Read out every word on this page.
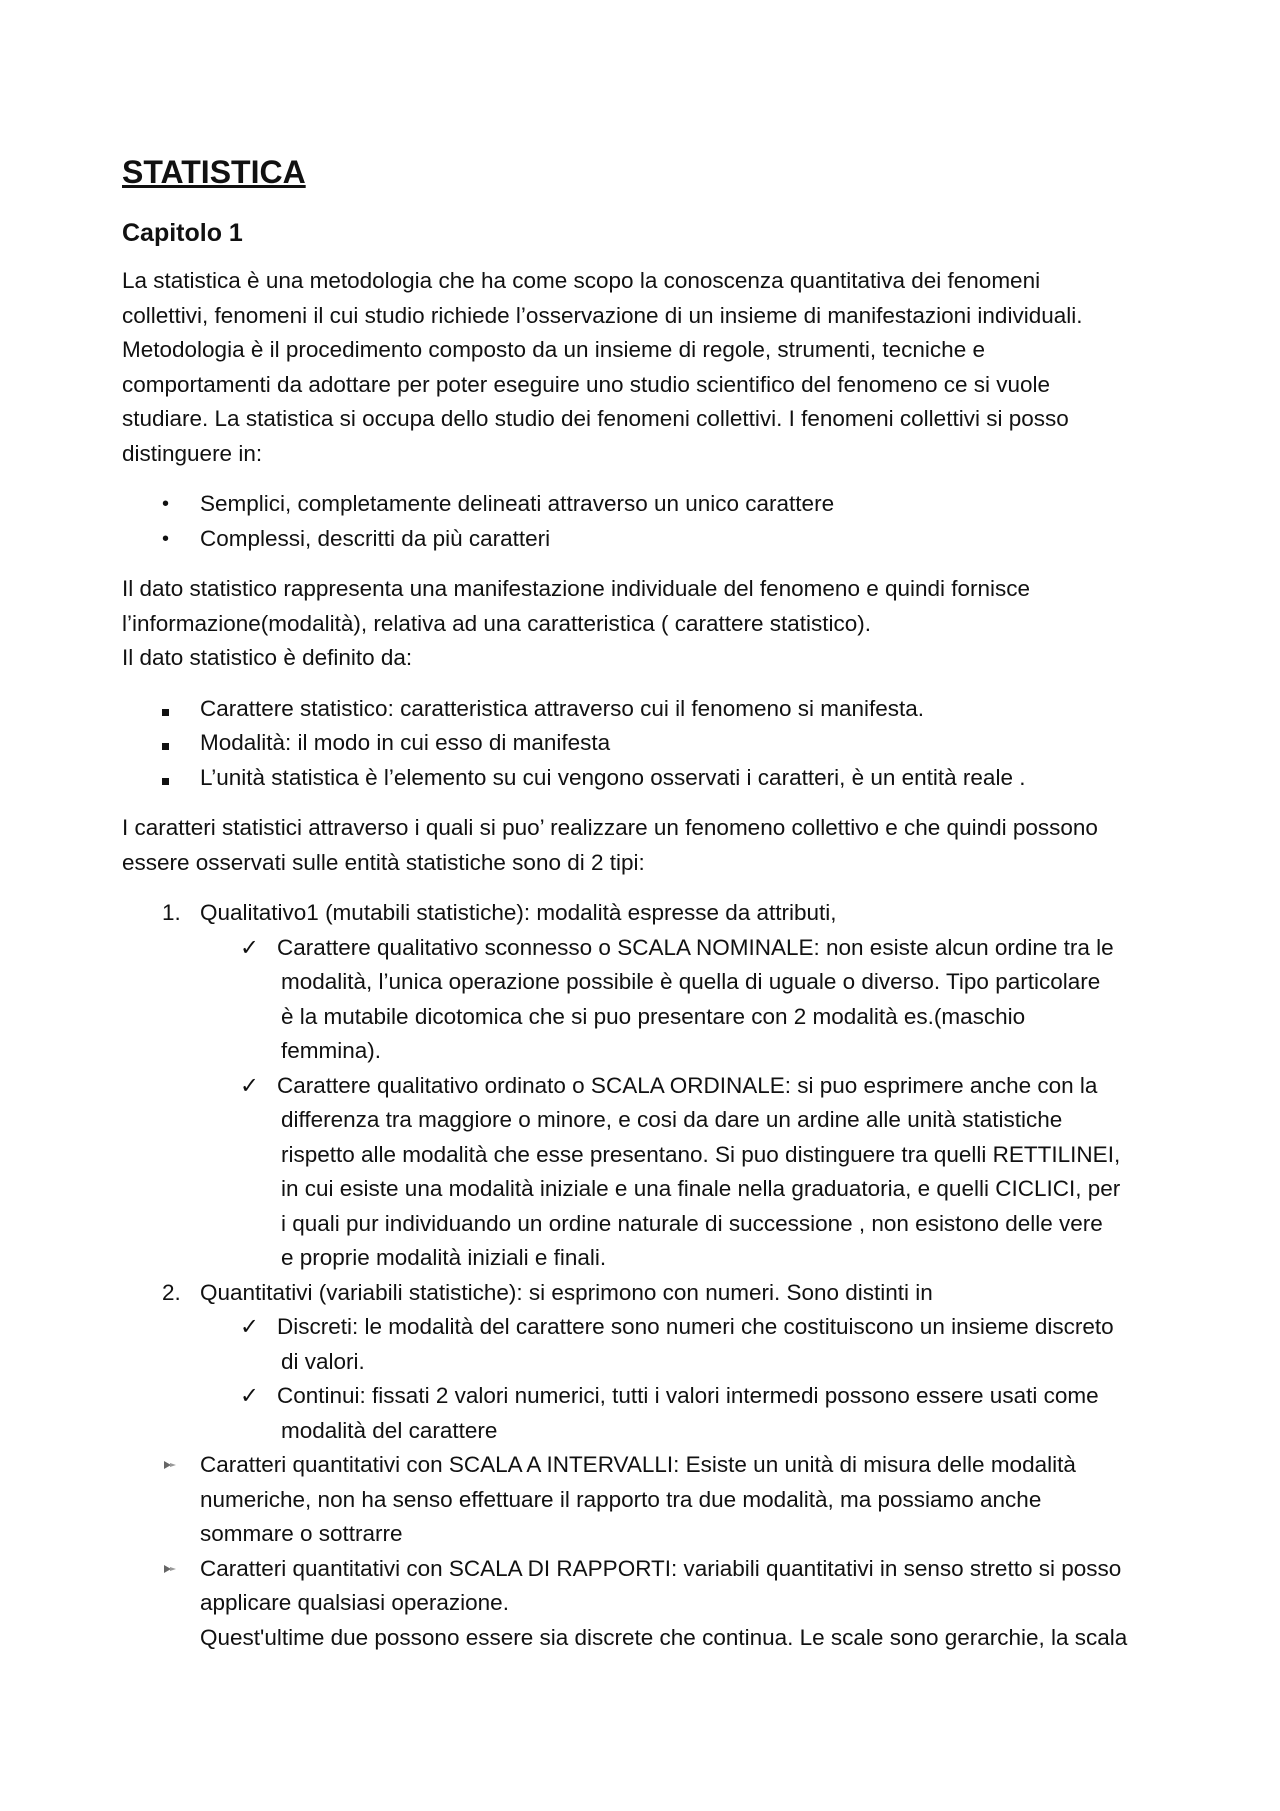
STATISTICA
Capitolo 1

La statistica è una metodologia che ha come scopo la conoscenza quantitativa dei fenomeni
collettivi, fenomeni il cui studio richiede l’osservazione di un insieme di manifestazioni individuali.
Metodologia è il procedimento composto da un insieme di regole, strumenti, tecniche e
comportamenti da adottare per poter eseguire uno studio scientifico del fenomeno ce si vuole
studiare. La statistica si occupa dello studio dei fenomeni collettivi. I fenomeni collettivi si posso
distinguere in:

•	Semplici, completamente delineati attraverso un unico carattere
•	Complessi, descritti da più caratteri

Il dato statistico rappresenta una manifestazione individuale del fenomeno e quindi fornisce
l’informazione(modalità), relativa ad una caratteristica ( carattere statistico).
Il dato statistico è definito da:

Carattere statistico: caratteristica attraverso cui il fenomeno si manifesta.
Modalità: il modo in cui esso di manifesta
L’unità statistica è l’elemento su cui vengono osservati i caratteri, è un entità reale .

I caratteri statistici attraverso i quali si puo’ realizzare un fenomeno collettivo e che quindi possono
essere osservati sulle entità statistiche sono di 2 tipi:

1. Qualitativo1 (mutabili statistiche): modalità espresse da attributi,
✓ Carattere qualitativo sconnesso o SCALA NOMINALE: non esiste alcun ordine tra le
modalità, l’unica operazione possibile è quella di uguale o diverso. Tipo particolare
è la mutabile dicotomica che si puo presentare con 2 modalità es.(maschio
femmina).
✓ Carattere qualitativo ordinato o SCALA ORDINALE: si puo esprimere anche con la
differenza tra maggiore o minore, e cosi da dare un ardine alle unità statistiche
rispetto alle modalità che esse presentano. Si puo distinguere tra quelli RETTILINEI,
in cui esiste una modalità iniziale e una finale nella graduatoria, e quelli CICLICI, per
i quali pur individuando un ordine naturale di successione , non esistono delle vere
e proprie modalità iniziali e finali.
2. Quantitativi (variabili statistiche): si esprimono con numeri. Sono distinti in
✓ Discreti: le modalità del carattere sono numeri che costituiscono un insieme discreto
di valori.
✓ Continui: fissati 2 valori numerici, tutti i valori intermedi possono essere usati come
modalità del carattere
Caratteri quantitativi con SCALA A INTERVALLI: Esiste un unità di misura delle modalità
numeriche, non ha senso effettuare il rapporto tra due modalità, ma possiamo anche
sommare o sottrarre
Caratteri quantitativi con SCALA DI RAPPORTI: variabili quantitativi in senso stretto si posso
applicare qualsiasi operazione.
Quest'ultime due possono essere sia discrete che continua. Le scale sono gerarchie, la scala
